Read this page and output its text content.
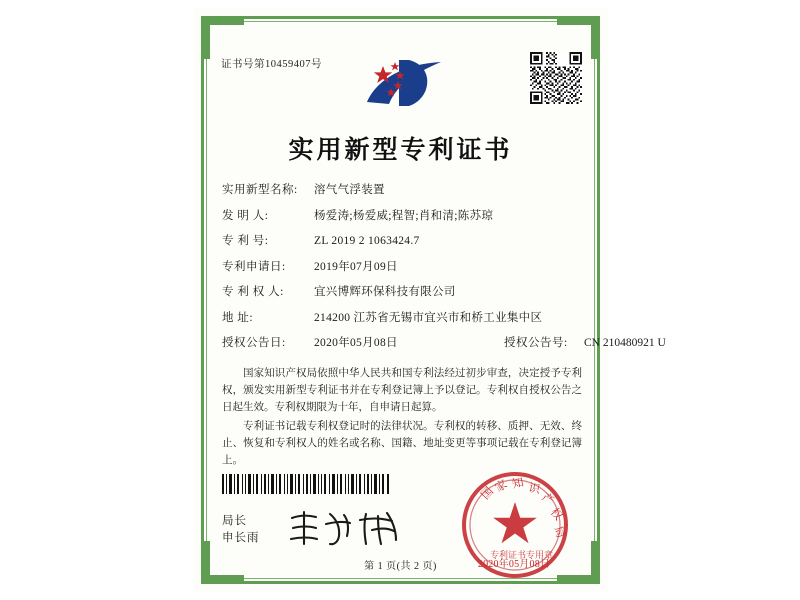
证书号第10459407号
实用新型专利证书
实用新型名称:	溶气气浮装置
发 明 人:	杨爱涛;杨爱威;程智;肖和清;陈苏琼
专 利 号:	ZL 2019 2 1063424.7
专利申请日:	2019年07月09日
专 利 权 人:	宜兴博辉环保科技有限公司
地 址:	214200 江苏省无锡市宜兴市和桥工业集中区
授权公告日:	2020年05月08日	授权公告号:	CN 210480921 U

国家知识产权局依照中华人民共和国专利法经过初步审查，决定授予专利权，颁发实用新型专利证书并在专利登记簿上予以登记。专利权自授权公告之日起生效。专利权期限为十年，自申请日起算。

专利证书记载专利权登记时的法律状况。专利权的转移、质押、无效、终止、恢复和专利权人的姓名或名称、国籍、地址变更等事项记载在专利登记簿上。

局长
申长雨
国
家 知 识
产
权
局
专利证书专用章
2020年05月08日
第 1 页(共 2 页)
